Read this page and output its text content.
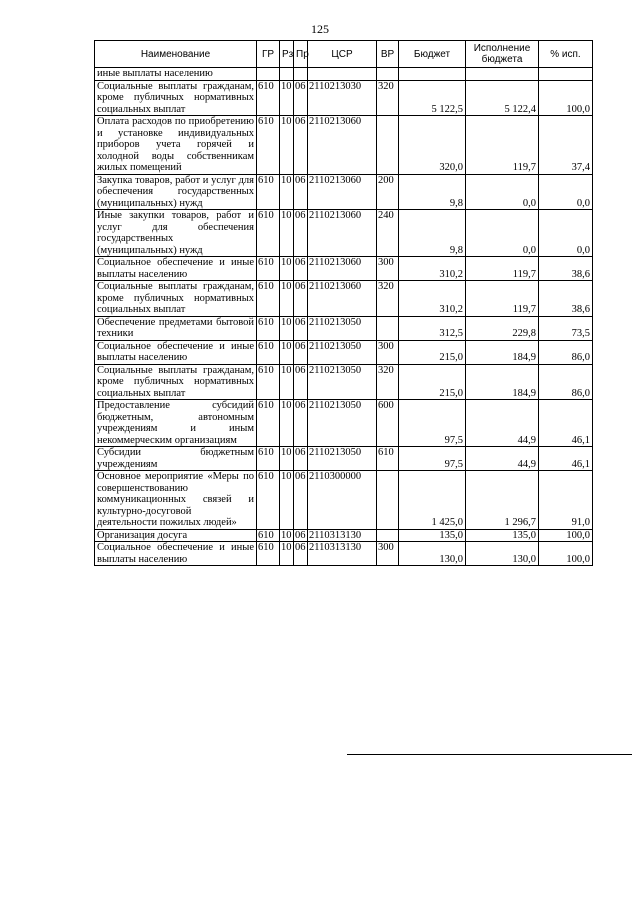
125
Наименование	ГР	Рз	Пр	ЦСР	ВР	Бюджет	Исполнение бюджета	% исп.
иные выплаты населению								
Социальные выплаты гражданам, кроме публичных нормативных социальных выплат	610	10	06	2110213030	320	5 122,5	5 122,4	100,0
Оплата расходов по приобретению и установке индивидуальных приборов учета горячей и холодной воды собственникам жилых помещений	610	10	06	2110213060		320,0	119,7	37,4
Закупка товаров, работ и услуг для обеспечения государственных (муниципальных) нужд	610	10	06	2110213060	200	9,8	0,0	0,0
Иные закупки товаров, работ и услуг для обеспечения государственных (муниципальных) нужд	610	10	06	2110213060	240	9,8	0,0	0,0
Социальное обеспечение и иные выплаты населению	610	10	06	2110213060	300	310,2	119,7	38,6
Социальные выплаты гражданам, кроме публичных нормативных социальных выплат	610	10	06	2110213060	320	310,2	119,7	38,6
Обеспечение предметами бытовой техники	610	10	06	2110213050		312,5	229,8	73,5
Социальное обеспечение и иные выплаты населению	610	10	06	2110213050	300	215,0	184,9	86,0
Социальные выплаты гражданам, кроме публичных нормативных социальных выплат	610	10	06	2110213050	320	215,0	184,9	86,0
Предоставление субсидий бюджетным, автономным учреждениям и иным некоммерческим организациям	610	10	06	2110213050	600	97,5	44,9	46,1
Субсидии бюджетным учреждениям	610	10	06	2110213050	610	97,5	44,9	46,1
Основное мероприятие «Меры по совершенствованию коммуникационных связей и культурно-досуговой деятельности пожилых людей»	610	10	06	2110300000		1 425,0	1 296,7	91,0
Организация досуга	610	10	06	2110313130		135,0	135,0	100,0
Социальное обеспечение и иные выплаты населению	610	10	06	2110313130	300	130,0	130,0	100,0
